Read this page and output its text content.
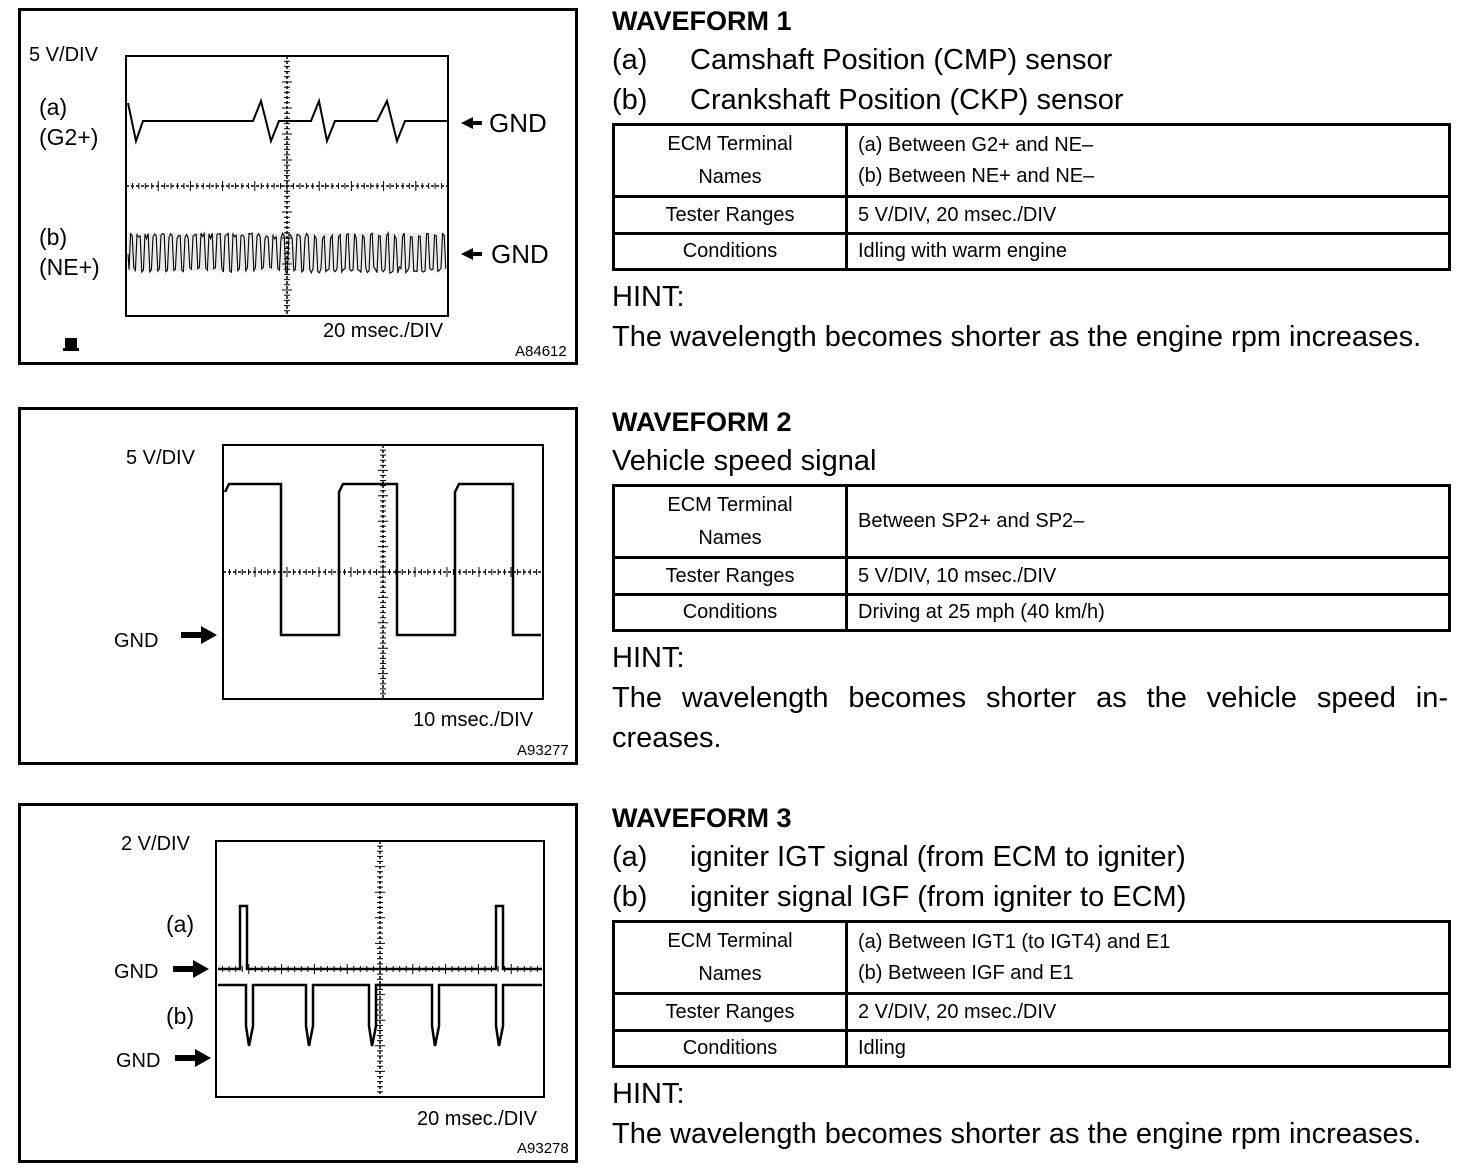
5 V/DIV
(a)
(G2+)
(b)
(NE+)
GND
GND
20 msec./DIV
A84612
5 V/DIV
GND
10 msec./DIV
A93277
2 V/DIV
(a)
(b)
GND
GND
20 msec./DIV
A93278
WAVEFORM 1
(a) Camshaft Position (CMP) sensor
(b) Crankshaft Position (CKP) sensor
ECM Terminal Names	(a) Between G2+ and NE–
(b) Between NE+ and NE–

Tester Ranges	5 V/DIV, 20 msec./DIV
Conditions	Idling with warm engine
HINT:
The wavelength becomes shorter as the engine rpm increases.
WAVEFORM 2
Vehicle speed signal
ECM Terminal Names	Between SP2+ and SP2–

Tester Ranges	5 V/DIV, 10 msec./DIV
Conditions	Driving at 25 mph (40 km/h)
HINT:
The wavelength becomes shorter as the vehicle speed in-creases.
WAVEFORM 3
(a) igniter IGT signal (from ECM to igniter)
(b) igniter signal IGF (from igniter to ECM)
ECM Terminal Names	(a) Between IGT1 (to IGT4) and E1
(b) Between IGF and E1

Tester Ranges	2 V/DIV, 20 msec./DIV
Conditions	Idling
HINT:
The wavelength becomes shorter as the engine rpm increases.
